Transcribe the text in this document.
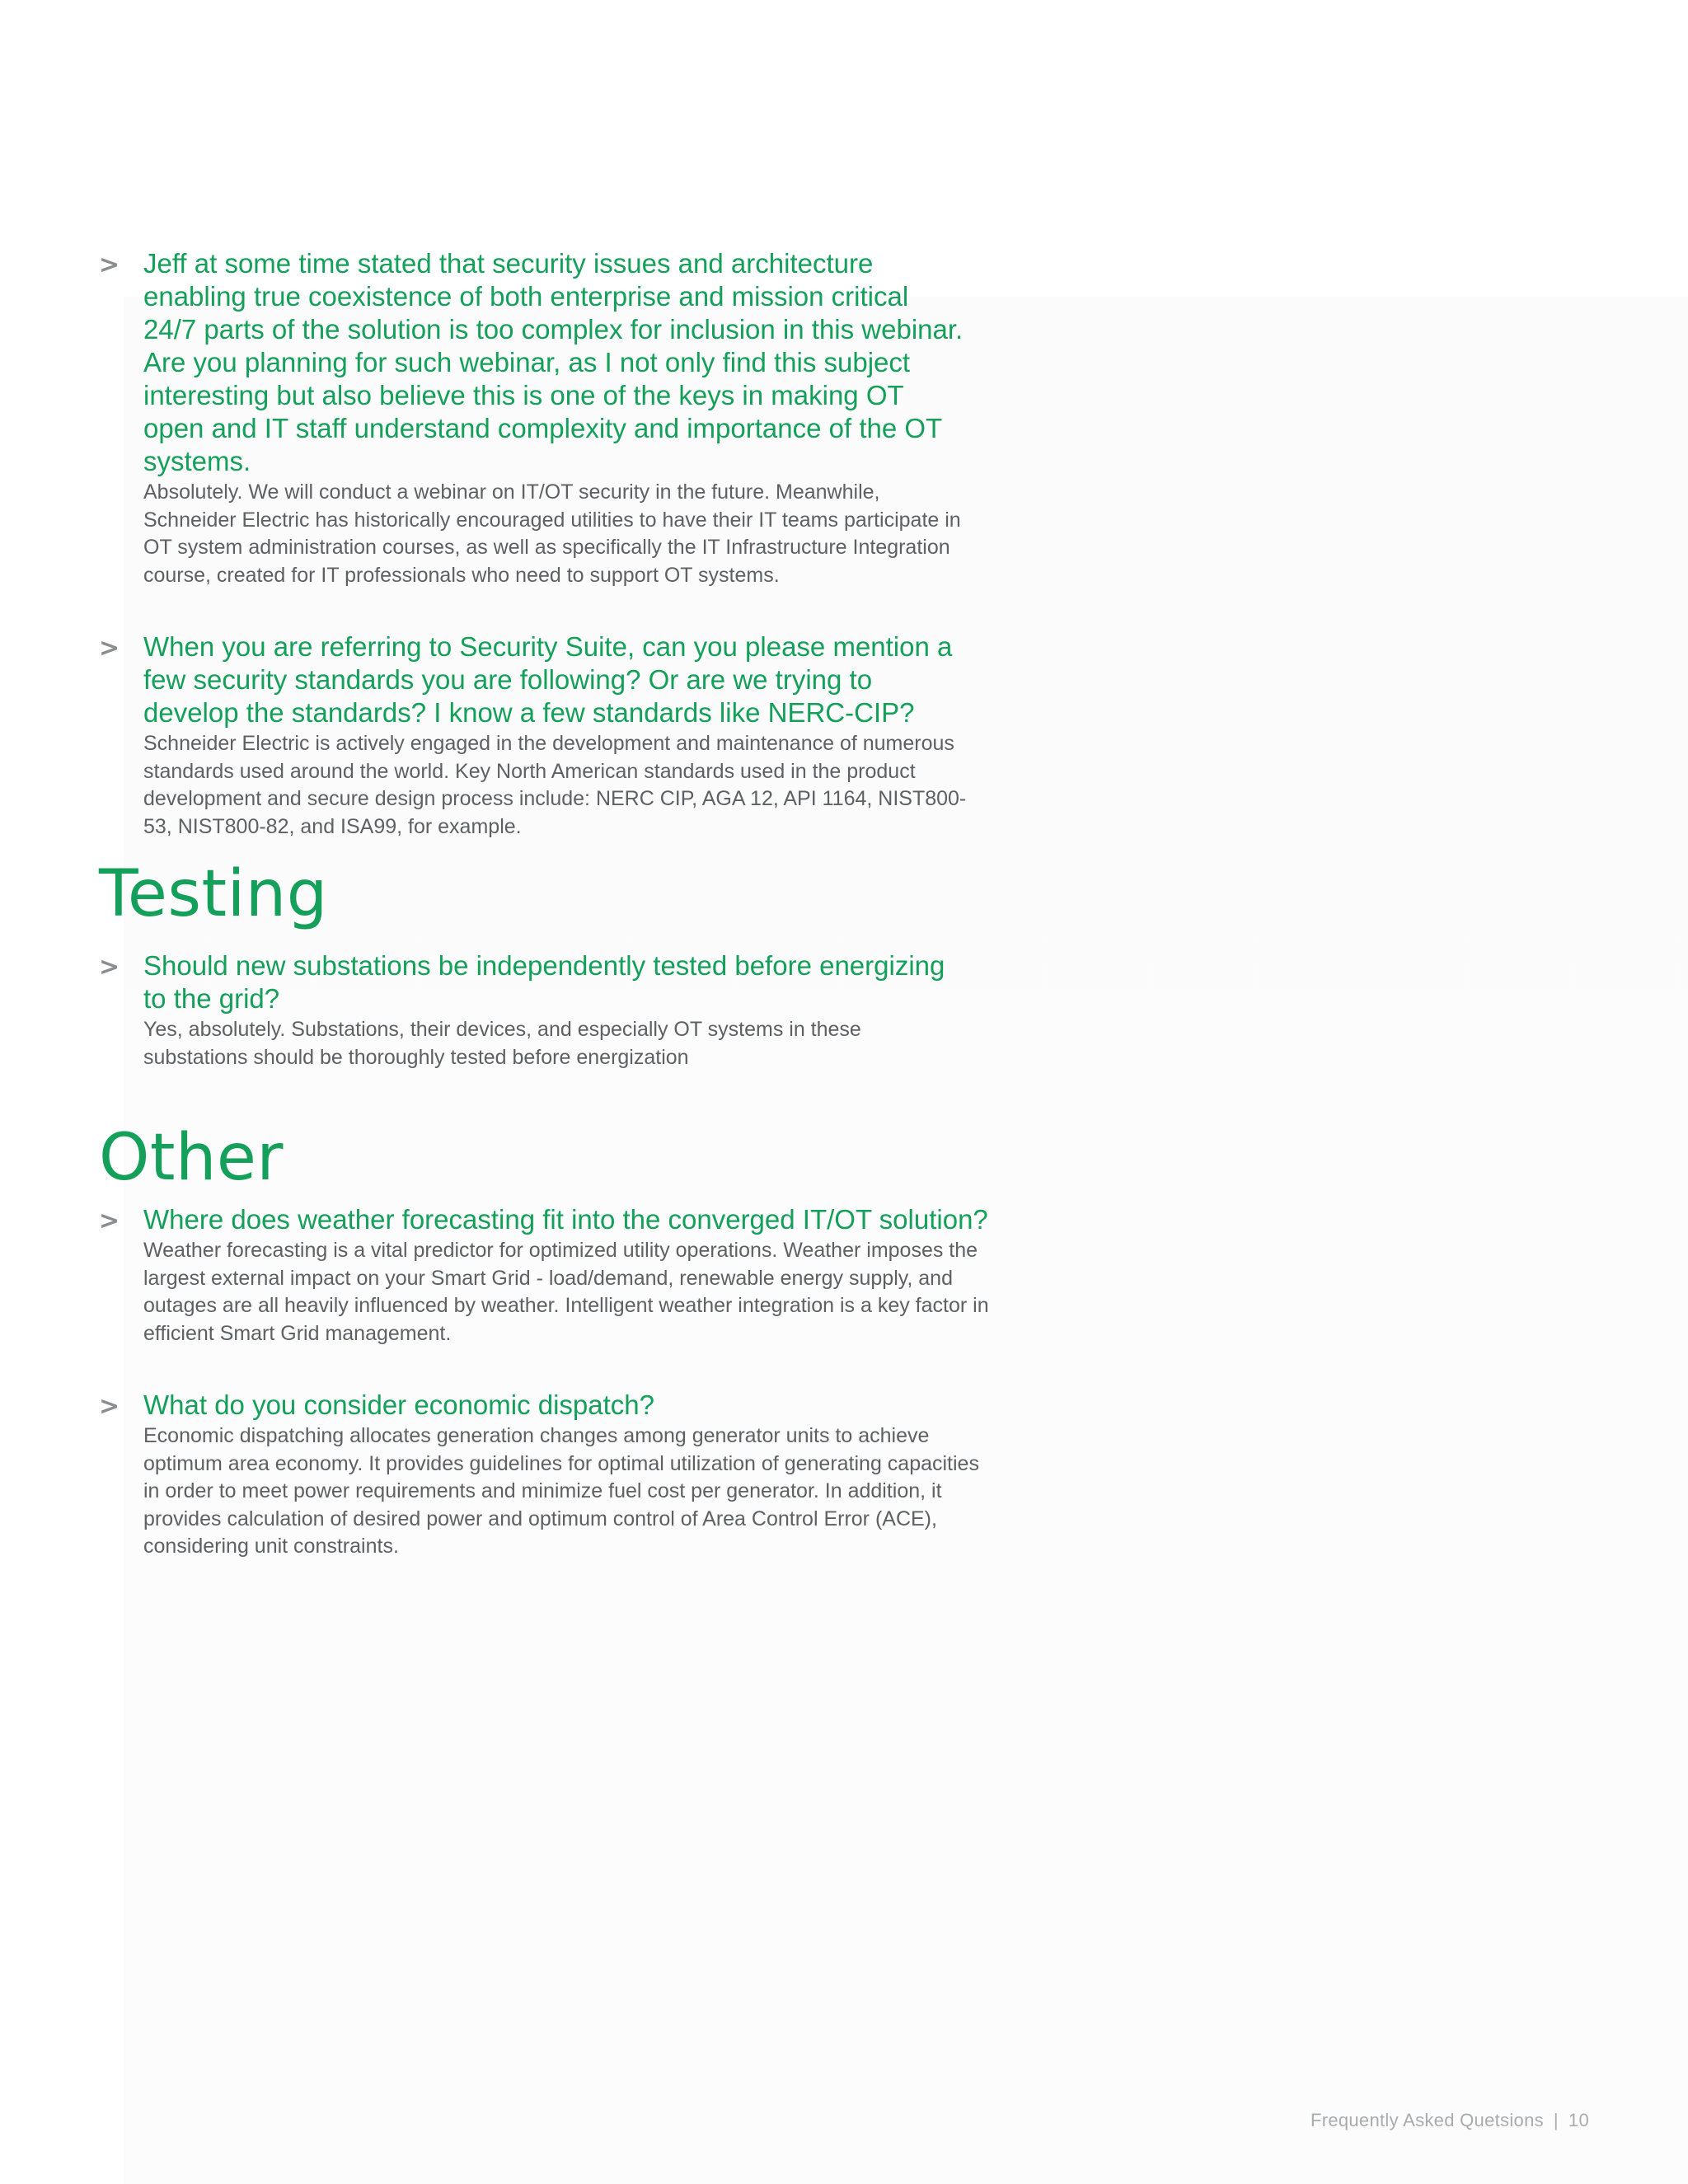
> Jeff at some time stated that security issues and architecture enabling true coexistence of both enterprise and mission critical 24/7 parts of the solution is too complex for inclusion in this webinar. Are you planning for such webinar, as I not only find this subject interesting but also believe this is one of the keys in making OT open and IT staff understand complexity and importance of the OT systems.

Absolutely. We will conduct a webinar on IT/OT security in the future. Meanwhile, Schneider Electric has historically encouraged utilities to have their IT teams participate in OT system administration courses, as well as specifically the IT Infrastructure Integration course, created for IT professionals who need to support OT systems.

> When you are referring to Security Suite, can you please mention a few security standards you are following? Or are we trying to develop the standards? I know a few standards like NERC-CIP?

Schneider Electric is actively engaged in the development and maintenance of numerous standards used around the world. Key North American standards used in the product development and secure design process include: NERC CIP, AGA 12, API 1164, NIST800-53, NIST800-82, and ISA99, for example.

Testing
> Should new substations be independently tested before energizing to the grid?

Yes, absolutely. Substations, their devices, and especially OT systems in these substations should be thoroughly tested before energization

Other
> Where does weather forecasting fit into the converged IT/OT solution?

Weather forecasting is a vital predictor for optimized utility operations. Weather imposes the largest external impact on your Smart Grid - load/demand, renewable energy supply, and outages are all heavily influenced by weather. Intelligent weather integration is a key factor in efficient Smart Grid management.

> What do you consider economic dispatch?

Economic dispatching allocates generation changes among generator units to achieve optimum area economy. It provides guidelines for optimal utilization of generating capacities in order to meet power requirements and minimize fuel cost per generator. In addition, it provides calculation of desired power and optimum control of Area Control Error (ACE), considering unit constraints.

Frequently Asked Quetsions | 10
